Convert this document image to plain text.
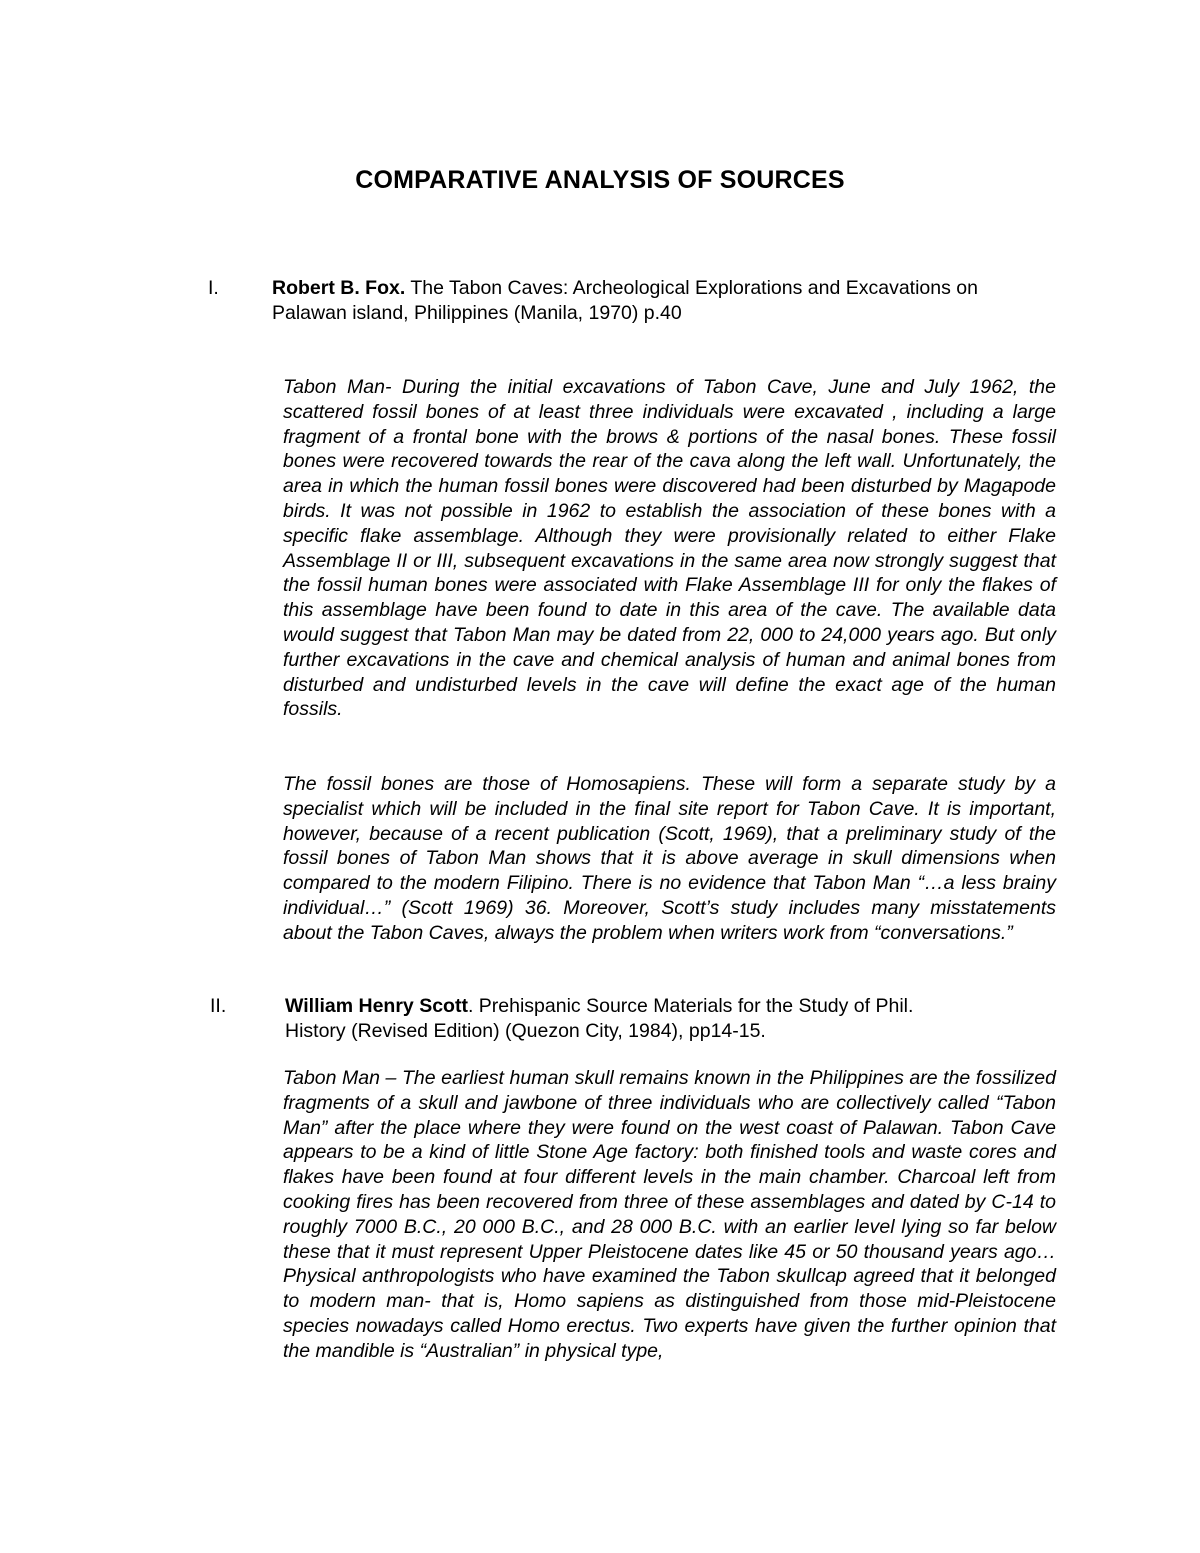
COMPARATIVE ANALYSIS OF SOURCES
I.	Robert B. Fox. The Tabon Caves: Archeological Explorations and Excavations on
Palawan island, Philippines (Manila, 1970) p.40

Tabon Man- During the initial excavations of Tabon Cave, June and July 1962, the scattered fossil bones of at least three individuals were excavated , including a large fragment of a frontal bone with the brows & portions of the nasal bones. These fossil bones were recovered towards the rear of the cava along the left wall. Unfortunately, the area in which the human fossil bones were discovered had been disturbed by Magapode birds. It was not possible in 1962 to establish the association of these bones with a specific flake assemblage. Although they were provisionally related to either Flake Assemblage II or III, subsequent excavations in the same area now strongly suggest that the fossil human bones were associated with Flake Assemblage III for only the flakes of this assemblage have been found to date in this area of the cave. The available data would suggest that Tabon Man may be dated from 22, 000 to 24,000 years ago. But only further excavations in the cave and chemical analysis of human and animal bones from disturbed and undisturbed levels in the cave will define the exact age of the human fossils.

The fossil bones are those of Homosapiens. These will form a separate study by a specialist which will be included in the final site report for Tabon Cave. It is important, however, because of a recent publication (Scott, 1969), that a preliminary study of the fossil bones of Tabon Man shows that it is above average in skull dimensions when compared to the modern Filipino. There is no evidence that Tabon Man “…a less brainy individual…” (Scott 1969) 36. Moreover, Scott’s study includes many misstatements about the Tabon Caves, always the problem when writers work from “conversations.”

II.	William Henry Scott. Prehispanic Source Materials for the Study of Phil.
History (Revised Edition) (Quezon City, 1984), pp14-15.

Tabon Man – The earliest human skull remains known in the Philippines are the fossilized fragments of a skull and jawbone of three individuals who are collectively called “Tabon Man” after the place where they were found on the west coast of Palawan. Tabon Cave appears to be a kind of little Stone Age factory: both finished tools and waste cores and flakes have been found at four different levels in the main chamber. Charcoal left from cooking fires has been recovered from three of these assemblages and dated by C-14 to roughly 7000 B.C., 20 000 B.C., and 28 000 B.C. with an earlier level lying so far below these that it must represent Upper Pleistocene dates like 45 or 50 thousand years ago…Physical anthropologists who have examined the Tabon skullcap agreed that it belonged to modern man- that is, Homo sapiens as distinguished from those mid-Pleistocene species nowadays called Homo erectus. Two experts have given the further opinion that the mandible is “Australian” in physical type,
